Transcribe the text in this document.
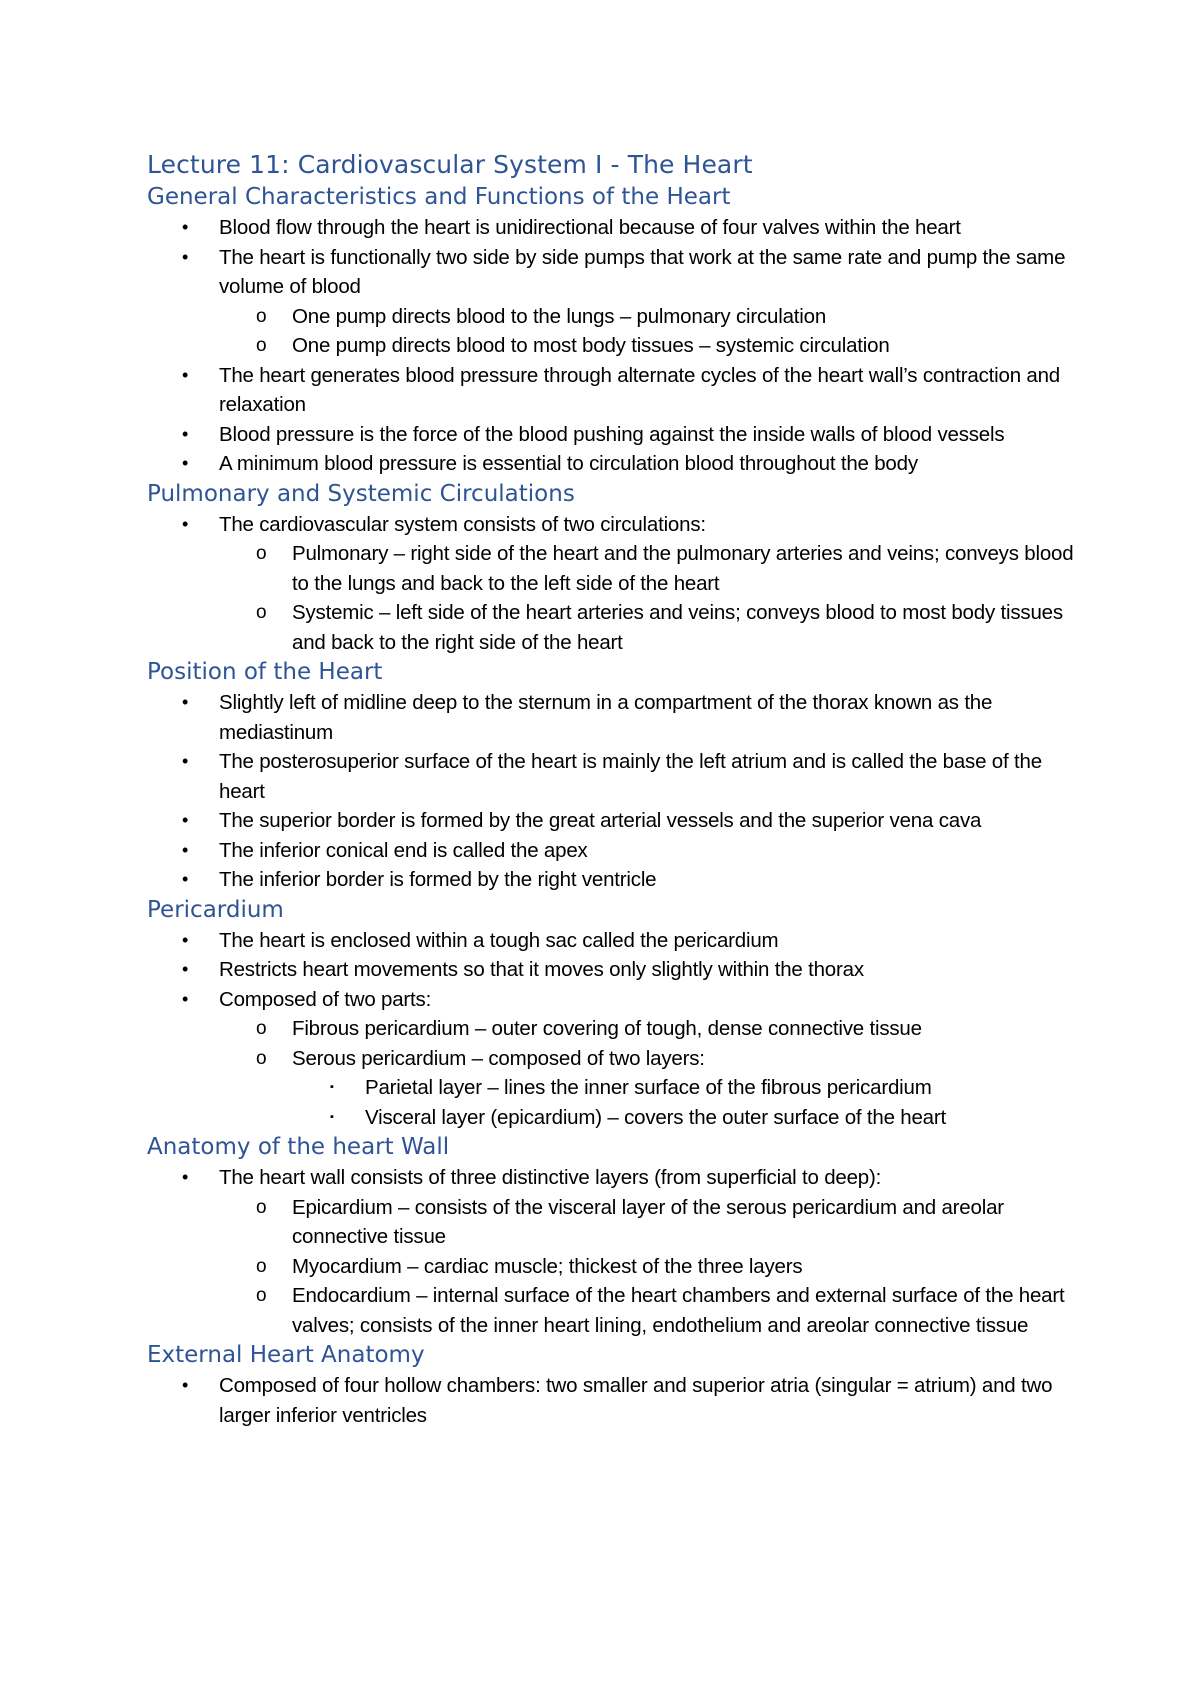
Lecture 11: Cardiovascular System I - The Heart
General Characteristics and Functions of the Heart
• Blood flow through the heart is unidirectional because of four valves within the heart
• The heart is functionally two side by side pumps that work at the same rate and pump the same volume of blood
o One pump directs blood to the lungs – pulmonary circulation
o One pump directs blood to most body tissues – systemic circulation
• The heart generates blood pressure through alternate cycles of the heart wall’s contraction and relaxation
• Blood pressure is the force of the blood pushing against the inside walls of blood vessels
• A minimum blood pressure is essential to circulation blood throughout the body
Pulmonary and Systemic Circulations
• The cardiovascular system consists of two circulations:
o Pulmonary – right side of the heart and the pulmonary arteries and veins; conveys blood to the lungs and back to the left side of the heart
o Systemic – left side of the heart arteries and veins; conveys blood to most body tissues and back to the right side of the heart
Position of the Heart
• Slightly left of midline deep to the sternum in a compartment of the thorax known as the mediastinum
• The posterosuperior surface of the heart is mainly the left atrium and is called the base of the heart
• The superior border is formed by the great arterial vessels and the superior vena cava
• The inferior conical end is called the apex
• The inferior border is formed by the right ventricle
Pericardium
• The heart is enclosed within a tough sac called the pericardium
• Restricts heart movements so that it moves only slightly within the thorax
• Composed of two parts:
o Fibrous pericardium – outer covering of tough, dense connective tissue
o Serous pericardium – composed of two layers:
▪ Parietal layer – lines the inner surface of the fibrous pericardium
▪ Visceral layer (epicardium) – covers the outer surface of the heart
Anatomy of the heart Wall
• The heart wall consists of three distinctive layers (from superficial to deep):
o Epicardium – consists of the visceral layer of the serous pericardium and areolar connective tissue
o Myocardium – cardiac muscle; thickest of the three layers
o Endocardium – internal surface of the heart chambers and external surface of the heart valves; consists of the inner heart lining, endothelium and areolar connective tissue
External Heart Anatomy
• Composed of four hollow chambers: two smaller and superior atria (singular = atrium) and two larger inferior ventricles
